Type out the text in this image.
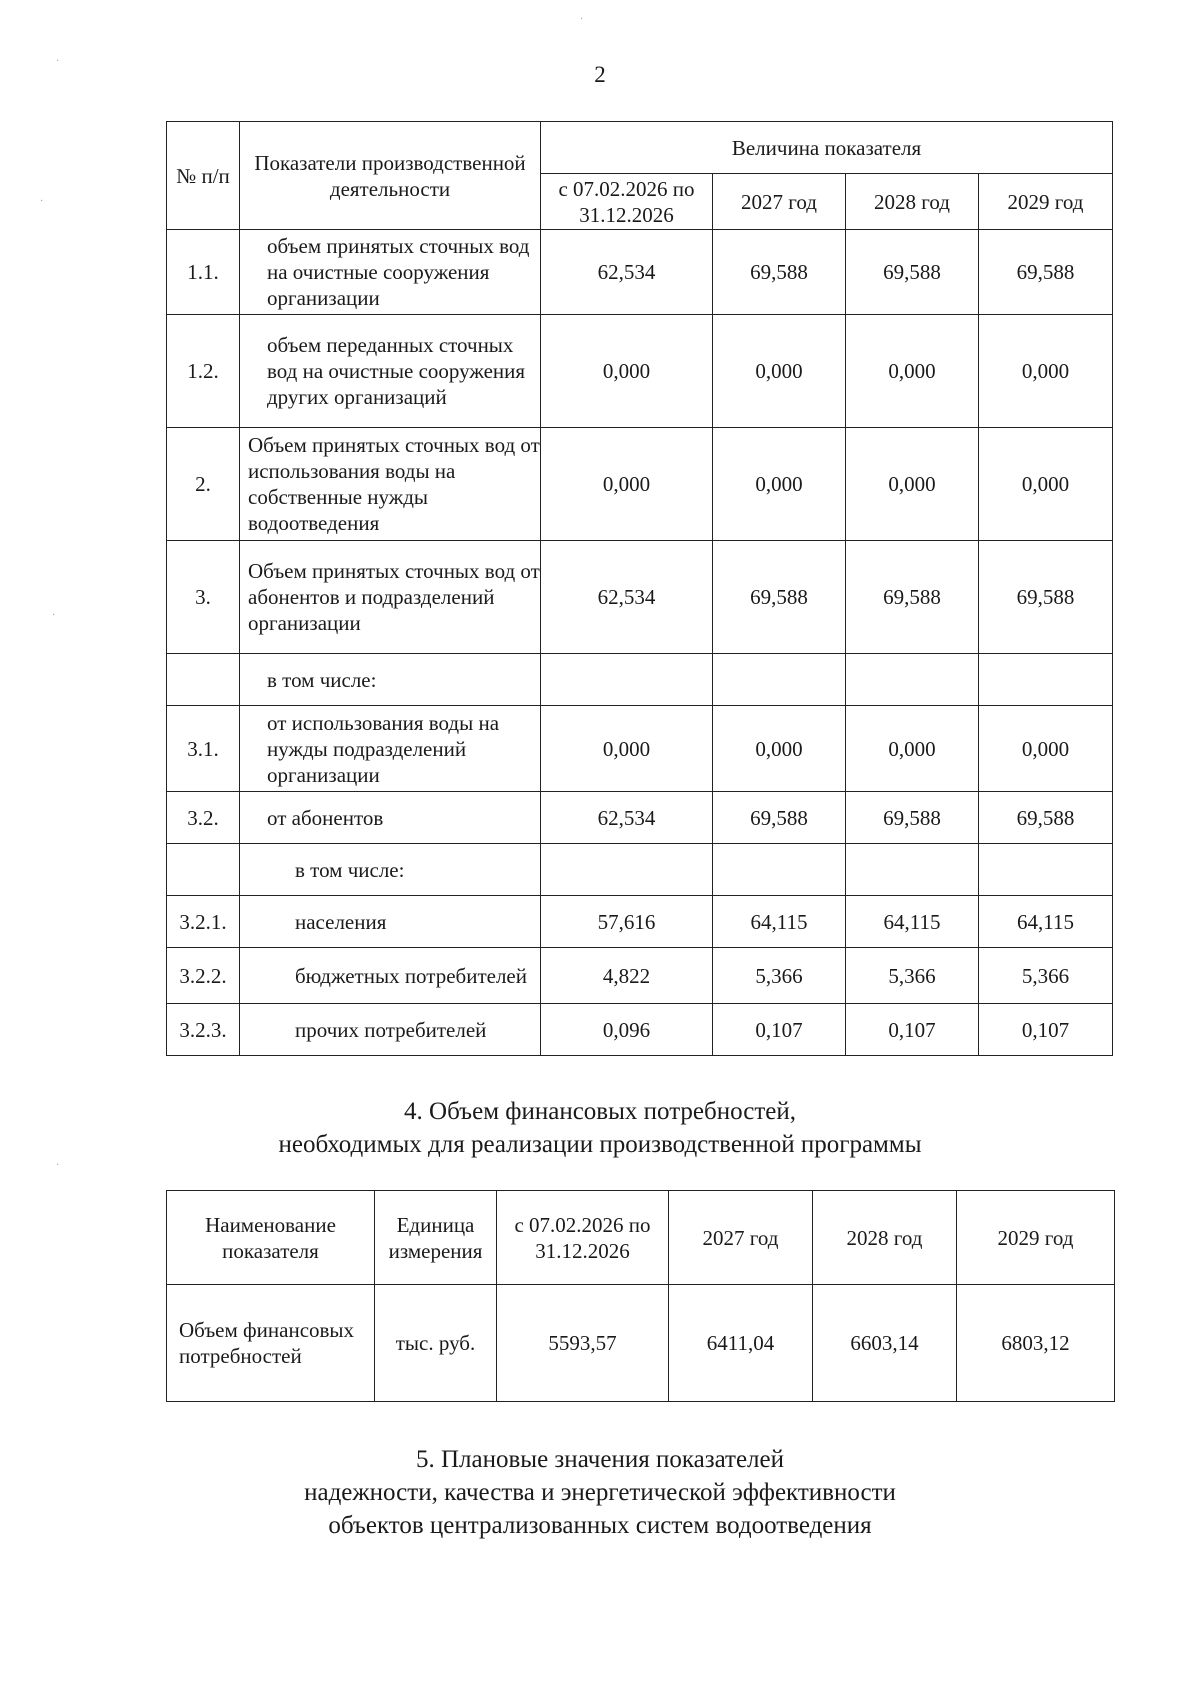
2
№ п/п	Показатели производственной деятельности	Величина показателя			
		с 07.02.2026 по 31.12.2026	2027 год	2028 год	2029 год
1.1.	объем принятых сточных вод на очистные сооружения организации	62,534	69,588	69,588	69,588
1.2.	объем переданных сточных вод на очистные сооружения других организаций	0,000	0,000	0,000	0,000
2.	Объем принятых сточных вод от использования воды на собственные нужды водоотведения	0,000	0,000	0,000	0,000
3.	Объем принятых сточных вод от абонентов и подразделений организации	62,534	69,588	69,588	69,588
	в том числе:				
3.1.	от использования воды на нужды подразделений организации	0,000	0,000	0,000	0,000
3.2.	от абонентов	62,534	69,588	69,588	69,588
	в том числе:				
3.2.1.	населения	57,616	64,115	64,115	64,115
3.2.2.	бюджетных потребителей	4,822	5,366	5,366	5,366
3.2.3.	прочих потребителей	0,096	0,107	0,107	0,107
4. Объем финансовых потребностей,
необходимых для реализации производственной программы
Наименование показателя	Единица измерения	с 07.02.2026 по 31.12.2026	2027 год	2028 год	2029 год
Объем финансовых потребностей	тыс. руб.	5593,57	6411,04	6603,14	6803,12
5. Плановые значения показателей
надежности, качества и энергетической эффективности
объектов централизованных систем водоотведения
·
·
·
·
·
